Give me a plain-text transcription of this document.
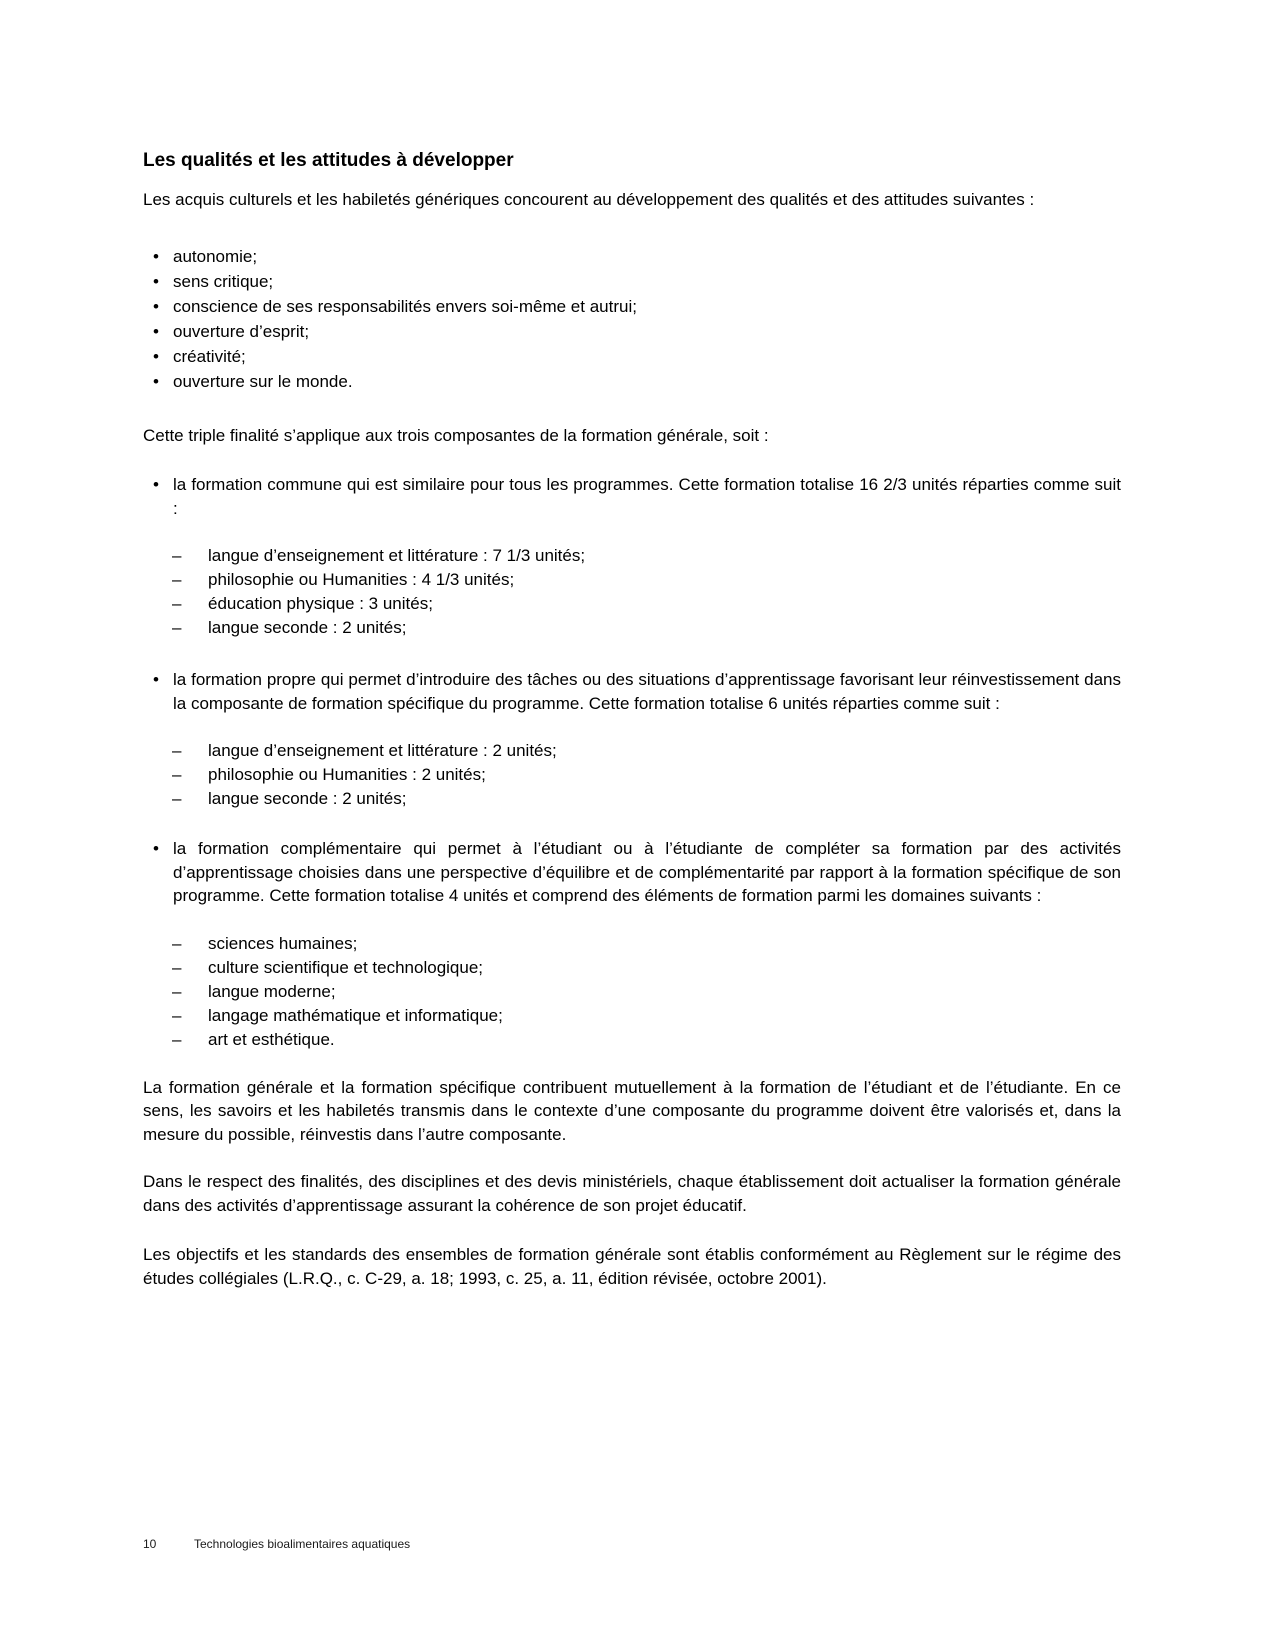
Les qualités et les attitudes à développer

Les acquis culturels et les habiletés génériques concourent au développement des qualités et des attitudes suivantes :

• autonomie;
• sens critique;
• conscience de ses responsabilités envers soi-même et autrui;
• ouverture d’esprit;
• créativité;
• ouverture sur le monde.

Cette triple finalité s’applique aux trois composantes de la formation générale, soit :

• la formation commune qui est similaire pour tous les programmes. Cette formation totalise 16 2/3 unités réparties comme suit :
– langue d’enseignement et littérature : 7 1/3 unités;
– philosophie ou Humanities : 4 1/3 unités;
– éducation physique : 3 unités;
– langue seconde : 2 unités;
• la formation propre qui permet d’introduire des tâches ou des situations d’apprentissage favorisant leur réinvestissement dans la composante de formation spécifique du programme. Cette formation totalise 6 unités réparties comme suit :
– langue d’enseignement et littérature : 2 unités;
– philosophie ou Humanities : 2 unités;
– langue seconde : 2 unités;
• la formation complémentaire qui permet à l’étudiant ou à l’étudiante de compléter sa formation par des activités d’apprentissage choisies dans une perspective d’équilibre et de complémentarité par rapport à la formation spécifique de son programme. Cette formation totalise 4 unités et comprend des éléments de formation parmi les domaines suivants :
– sciences humaines;
– culture scientifique et technologique;
– langue moderne;
– langage mathématique et informatique;
– art et esthétique.

La formation générale et la formation spécifique contribuent mutuellement à la formation de l’étudiant et de l’étudiante. En ce sens, les savoirs et les habiletés transmis dans le contexte d’une composante du programme doivent être valorisés et, dans la mesure du possible, réinvestis dans l’autre composante.

Dans le respect des finalités, des disciplines et des devis ministériels, chaque établissement doit actualiser la formation générale dans des activités d’apprentissage assurant la cohérence de son projet éducatif.

Les objectifs et les standards des ensembles de formation générale sont établis conformément au Règlement sur le régime des études collégiales (L.R.Q., c. C-29, a. 18; 1993, c. 25, a. 11, édition révisée, octobre 2001).

10	Technologies bioalimentaires aquatiques
